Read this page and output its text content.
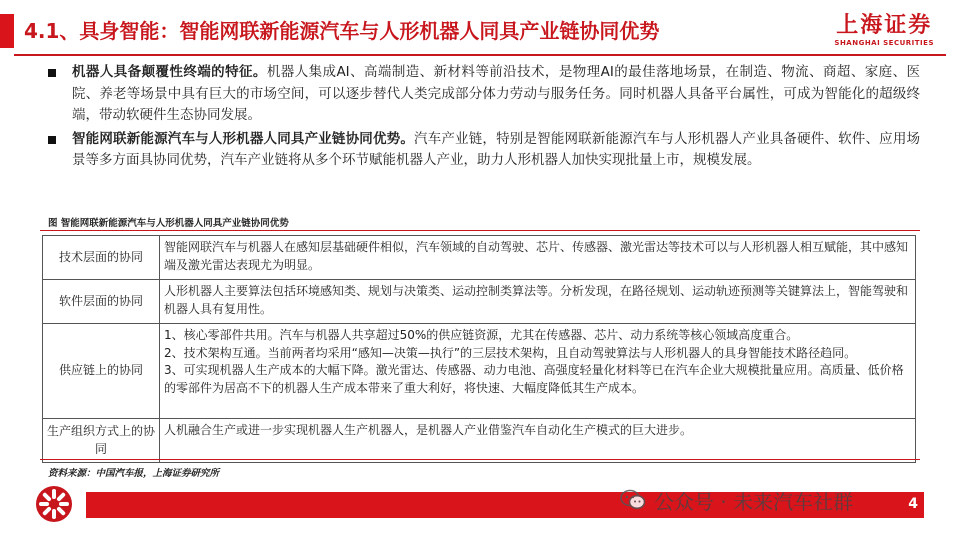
4.1、具身智能：智能网联新能源汽车与人形机器人同具产业链协同优势	上海证券
SHANGHAI SECURITIES
机器人具备颠覆性终端的特征。机器人集成AI、高端制造、新材料等前沿技术，是物理AI的最佳落地场景，在制造、物流、商超、家庭、医院、养老等场景中具有巨大的市场空间，可以逐步替代人类完成部分体力劳动与服务任务。同时机器人具备平台属性，可成为智能化的超级终端，带动软硬件生态协同发展。
智能网联新能源汽车与人形机器人同具产业链协同优势。汽车产业链，特别是智能网联新能源汽车与人形机器人产业具备硬件、软件、应用场景等多方面具协同优势，汽车产业链将从多个环节赋能机器人产业，助力人形机器人加快实现批量上市，规模发展。
图 智能网联新能源汽车与人形机器人同具产业链协同优势
技术层面的协同	智能网联汽车与机器人在感知层基础硬件相似，汽车领域的自动驾驶、芯片、传感器、激光雷达等技术可以与人形机器人相互赋能，其中感知端及激光雷达表现尤为明显。

软件层面的协同	人形机器人主要算法包括环境感知类、规划与决策类、运动控制类算法等。分析发现，在路径规划、运动轨迹预测等关键算法上，智能驾驶和机器人具有复用性。

供应链上的协同	1、核心零部件共用。汽车与机器人共享超过50%的供应链资源，尤其在传感器、芯片、动力系统等核心领域高度重合。
2、技术架构互通。当前两者均采用“感知—决策—执行”的三层技术架构，且自动驾驶算法与人形机器人的具身智能技术路径趋同。
3、可实现机器人生产成本的大幅下降。激光雷达、传感器、动力电池、高强度轻量化材料等已在汽车企业大规模批量应用。高质量、低价格的零部件为居高不下的机器人生产成本带来了重大利好，将快速、大幅度降低其生产成本。

生产组织方式上的协同	人机融合生产或进一步实现机器人生产机器人，是机器人产业借鉴汽车自动化生产模式的巨大进步。
资料来源：中国汽车报，上海证券研究所
4
公众号 · 未来汽车社群
